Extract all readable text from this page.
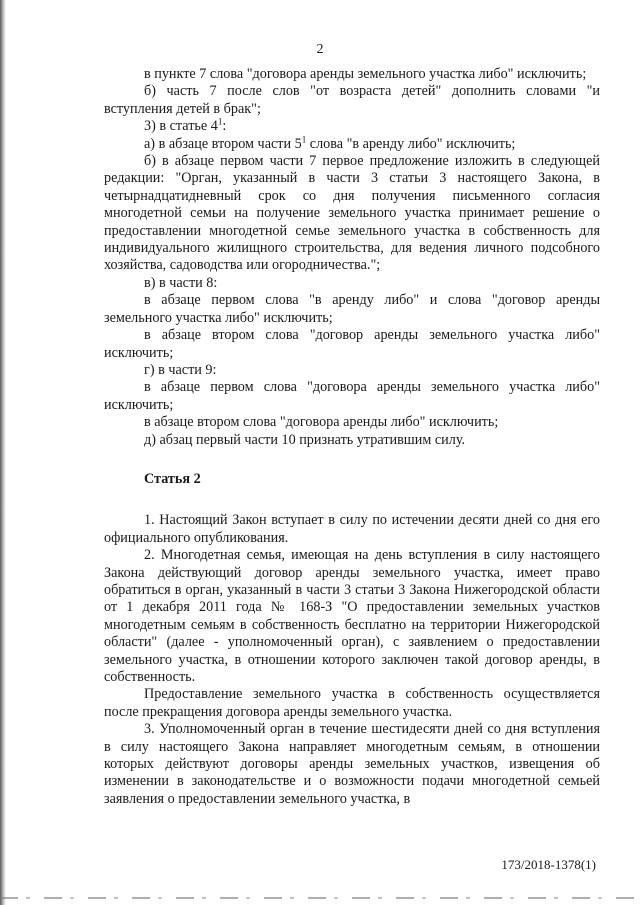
2

в пункте 7 слова "договора аренды земельного участка либо" исключить;

б) часть 7 после слов "от возраста детей" дополнить словами "и вступления детей в брак";

3) в статье $4^1$:

а) в абзаце втором части $5^1$ слова "в аренду либо" исключить;

б) в абзаце первом части 7 первое предложение изложить в следующей редакции: "Орган, указанный в части 3 статьи 3 настоящего Закона, в четырнадцатидневный срок со дня получения письменного согласия многодетной семьи на получение земельного участка принимает решение о предоставлении многодетной семье земельного участка в собственность для индивидуального жилищного строительства, для ведения личного подсобного хозяйства, садоводства или огородничества.";

в) в части 8:

в абзаце первом слова "в аренду либо" и слова "договор аренды земельного участка либо" исключить;

в абзаце втором слова "договор аренды земельного участка либо" исключить;

г) в части 9:

в абзаце первом слова "договора аренды земельного участка либо" исключить;

в абзаце втором слова "договора аренды либо" исключить;

д) абзац первый части 10 признать утратившим силу.

Статья 2

1. Настоящий Закон вступает в силу по истечении десяти дней со дня его официального опубликования.

2. Многодетная семья, имеющая на день вступления в силу настоящего Закона действующий договор аренды земельного участка, имеет право обратиться в орган, указанный в части 3 статьи 3 Закона Нижегородской области от 1 декабря 2011 года № 168-З "О предоставлении земельных участков многодетным семьям в собственность бесплатно на территории Нижегородской области" (далее - уполномоченный орган), с заявлением о предоставлении земельного участка, в отношении которого заключен такой договор аренды, в собственность.

Предоставление земельного участка в собственность осуществляется после прекращения договора аренды земельного участка.

3. Уполномоченный орган в течение шестидесяти дней со дня вступления в силу настоящего Закона направляет многодетным семьям, в отношении которых действуют договоры аренды земельных участков, извещения об изменении в законодательстве и о возможности подачи многодетной семьей заявления о предоставлении земельного участка, в

173/2018-1378(1)
